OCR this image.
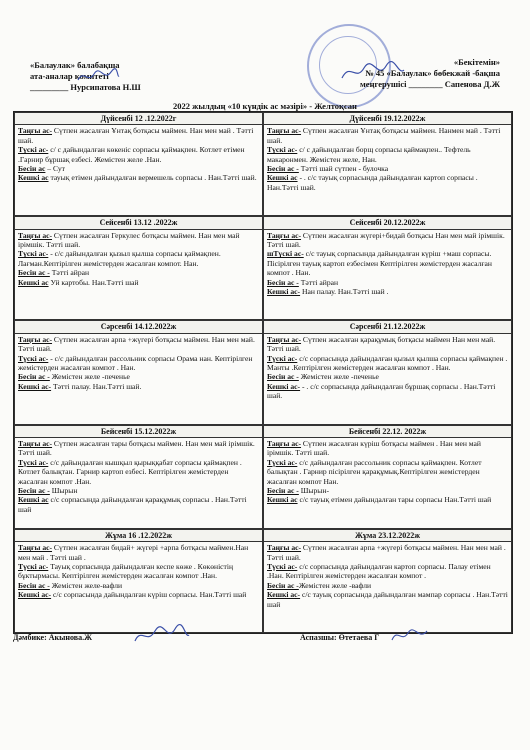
«Балаулак» балабақша
ата-аналар комитеті
_________ Нурсипатова Н.Ш
«Бекітемін»
№ 45 «Балаулак» бөбекжай -бақша
меңгерушісі ________ Сапенова Д.Ж
2022 жылдың «10 күндік ас мәзірі» - Желтоқсан
Дүйсенбі 12 .12.2022г
Таңғы ас- Сүтпен жасалған Ұнтақ ботқасы маймен. Нан мен май . Тәтті шай.
Түскі ас- с/ с дайындалған көкеніс сорпасы қаймақпен. Котлет етімен .Гарнир бұршақ езбесі. Жемістен желе .Нан.
Бесін ас – Сут
Кешкі ас тауық етімен дайындалған вермешель сорпасы . Нан.Тәтті шай.
Дүйсенбі 19.12.2022ж
Таңғы ас- Сүтпен жасалған Ұнтақ ботқасы маймен. Нанмен май . Тәтті шай.
Түскі ас- с/ с дайындалған борщ сорпасы қаймақпен.. Тефтель макаронмен. Жемістен желе, Нан.
Бесін ас - Тәтті шай сүтпен - булочка
Кешкі ас - . с/с тауық сорпасында дайындалған картоп сорпасы . Нан.Тәтті шай.
Сейсенбі 13.12 .2022ж
Таңғы ас- Сүтпен жасалған Геркулес ботқасы маймен. Нан мен май ірімшік. Тәтті шай.
Түскі ас- - с/с дайындалған қызыл қылша сорпасы қаймақпен. Лағман.Кептірілген жемістерден жасалған компот. Нан.
Бесін ас - Тәтті айран
Кешкі ас Уй картобы. Нан.Тәтті шай
Сейсенбі 20.12.2022ж
Таңғы ас- Сүтпен жасалған жүгері+бидай ботқасы Нан мен май ірімшік. Тәтті шай.
шТүскі ас- с/с тауық сорпасында дайындалған күріш +маш сорпасы. Пісірілген тауық картоп езбесімен Кептірілген жемістерден жасалған компот . Нан.
Бесін ас - Тәтті айран
Кешкі ас- Нан палау. Нан.Тәтті шай .
Сәрсенбі 14.12.2022ж
Таңғы ас- Сүтпен жасалған арпа +жүгері ботқасы маймен. Нан мен май. Тәтті шай.
Түскі ас- - с/с дайындалған рассольник сорпасы Орама нан. Кептірілген жемістерден жасалған компот . Нан.
Бесін ас - Жемістен желе -печенье
Кешкі ас- Тәтті палау. Нан.Тәтті шай.
Сәрсенбі 21.12.2022ж
Таңғы ас- Сүтпен жасалған қарақұмық ботқасы маймен Нан мен май. Тәтті шай.
Түскі ас- с/с сорпасында дайындалған қызыл қылша сорпасы қаймақпен . Манты .Кептірілген жемістерден жасалған компот . Нан.
Бесін ас - Жемістен желе -печенье
Кешкі ас- - . с/с сорпасында дайындалған бұршақ сорпасы . Нан.Тәтті шай.
Бейсенбі 15.12.2022ж
Таңғы ас- Сүтпен жасалған тары ботқасы маймен. Нан мен май ірімшік. Тәтті шай.
Түскі ас- с/с дайындалған кышқыл қырыққабат сорпасы қаймақпен . Котлет балықтан. Гарнир картоп езбесі. Кептірілген жемістерден жасалған компот .Нан.
Бесін ас - Шырын
Кешкі ас с/с сорпасында дайындалған қарақұмық сорпасы . Нан.Тәтті шай
Бейсенбі 22.12. 2022ж
Таңғы ас- Сүтпен жасалған күріш ботқасы маймен . Нан мен май ірімшік. Тәтті шай.
Түскі ас- с/с дайындалған рассольник сорпасы қаймақпен. Котлет балықтан . Гарнир пісірілген қарақұмық.Кептірілген жемістерден жасалған компот Нан.
Бесін ас - Шырын-
Кешкі ас с/с тауық етімен дайындалған тары сорпасы Нан.Тәтті шай
Жұма 16 .12.2022ж
Таңғы ас- Сүтпен жасалған бидай+ жүгері +арпа ботқасы маймен.Нан мен май . Тәтті шай .
Түскі ас- Тауық сорпасында дайындалған кеспе көже . Көкөністің бұктырмасы. Кептірілген жемістерден жасалған компот .Нан.
Бесін ас - Жемістен желе-вафли
Кешкі ас- с/с сорпасында дайындалған күріш сорпасы. Нан.Тәтті шай
Жұма 23.12.2022ж
Таңғы ас- Сүтпен жасалған арпа +жүгері ботқасы маймен. Нан мен май . Тәтті шай.
Түскі ас- с/с сорпасында дайындалған картоп сорпасы. Палау етімен .Нан. Кептірілген жемістерден жасалған компот .
Бесін ас -Жемістен желе -вафли
Кешкі ас- с/с тауық сорпасында дайындалған мампар сорпасы . Нан.Тәтті шай
Дәмбике: Акынова.Ж	Аспазшы: Өтетаева Г
